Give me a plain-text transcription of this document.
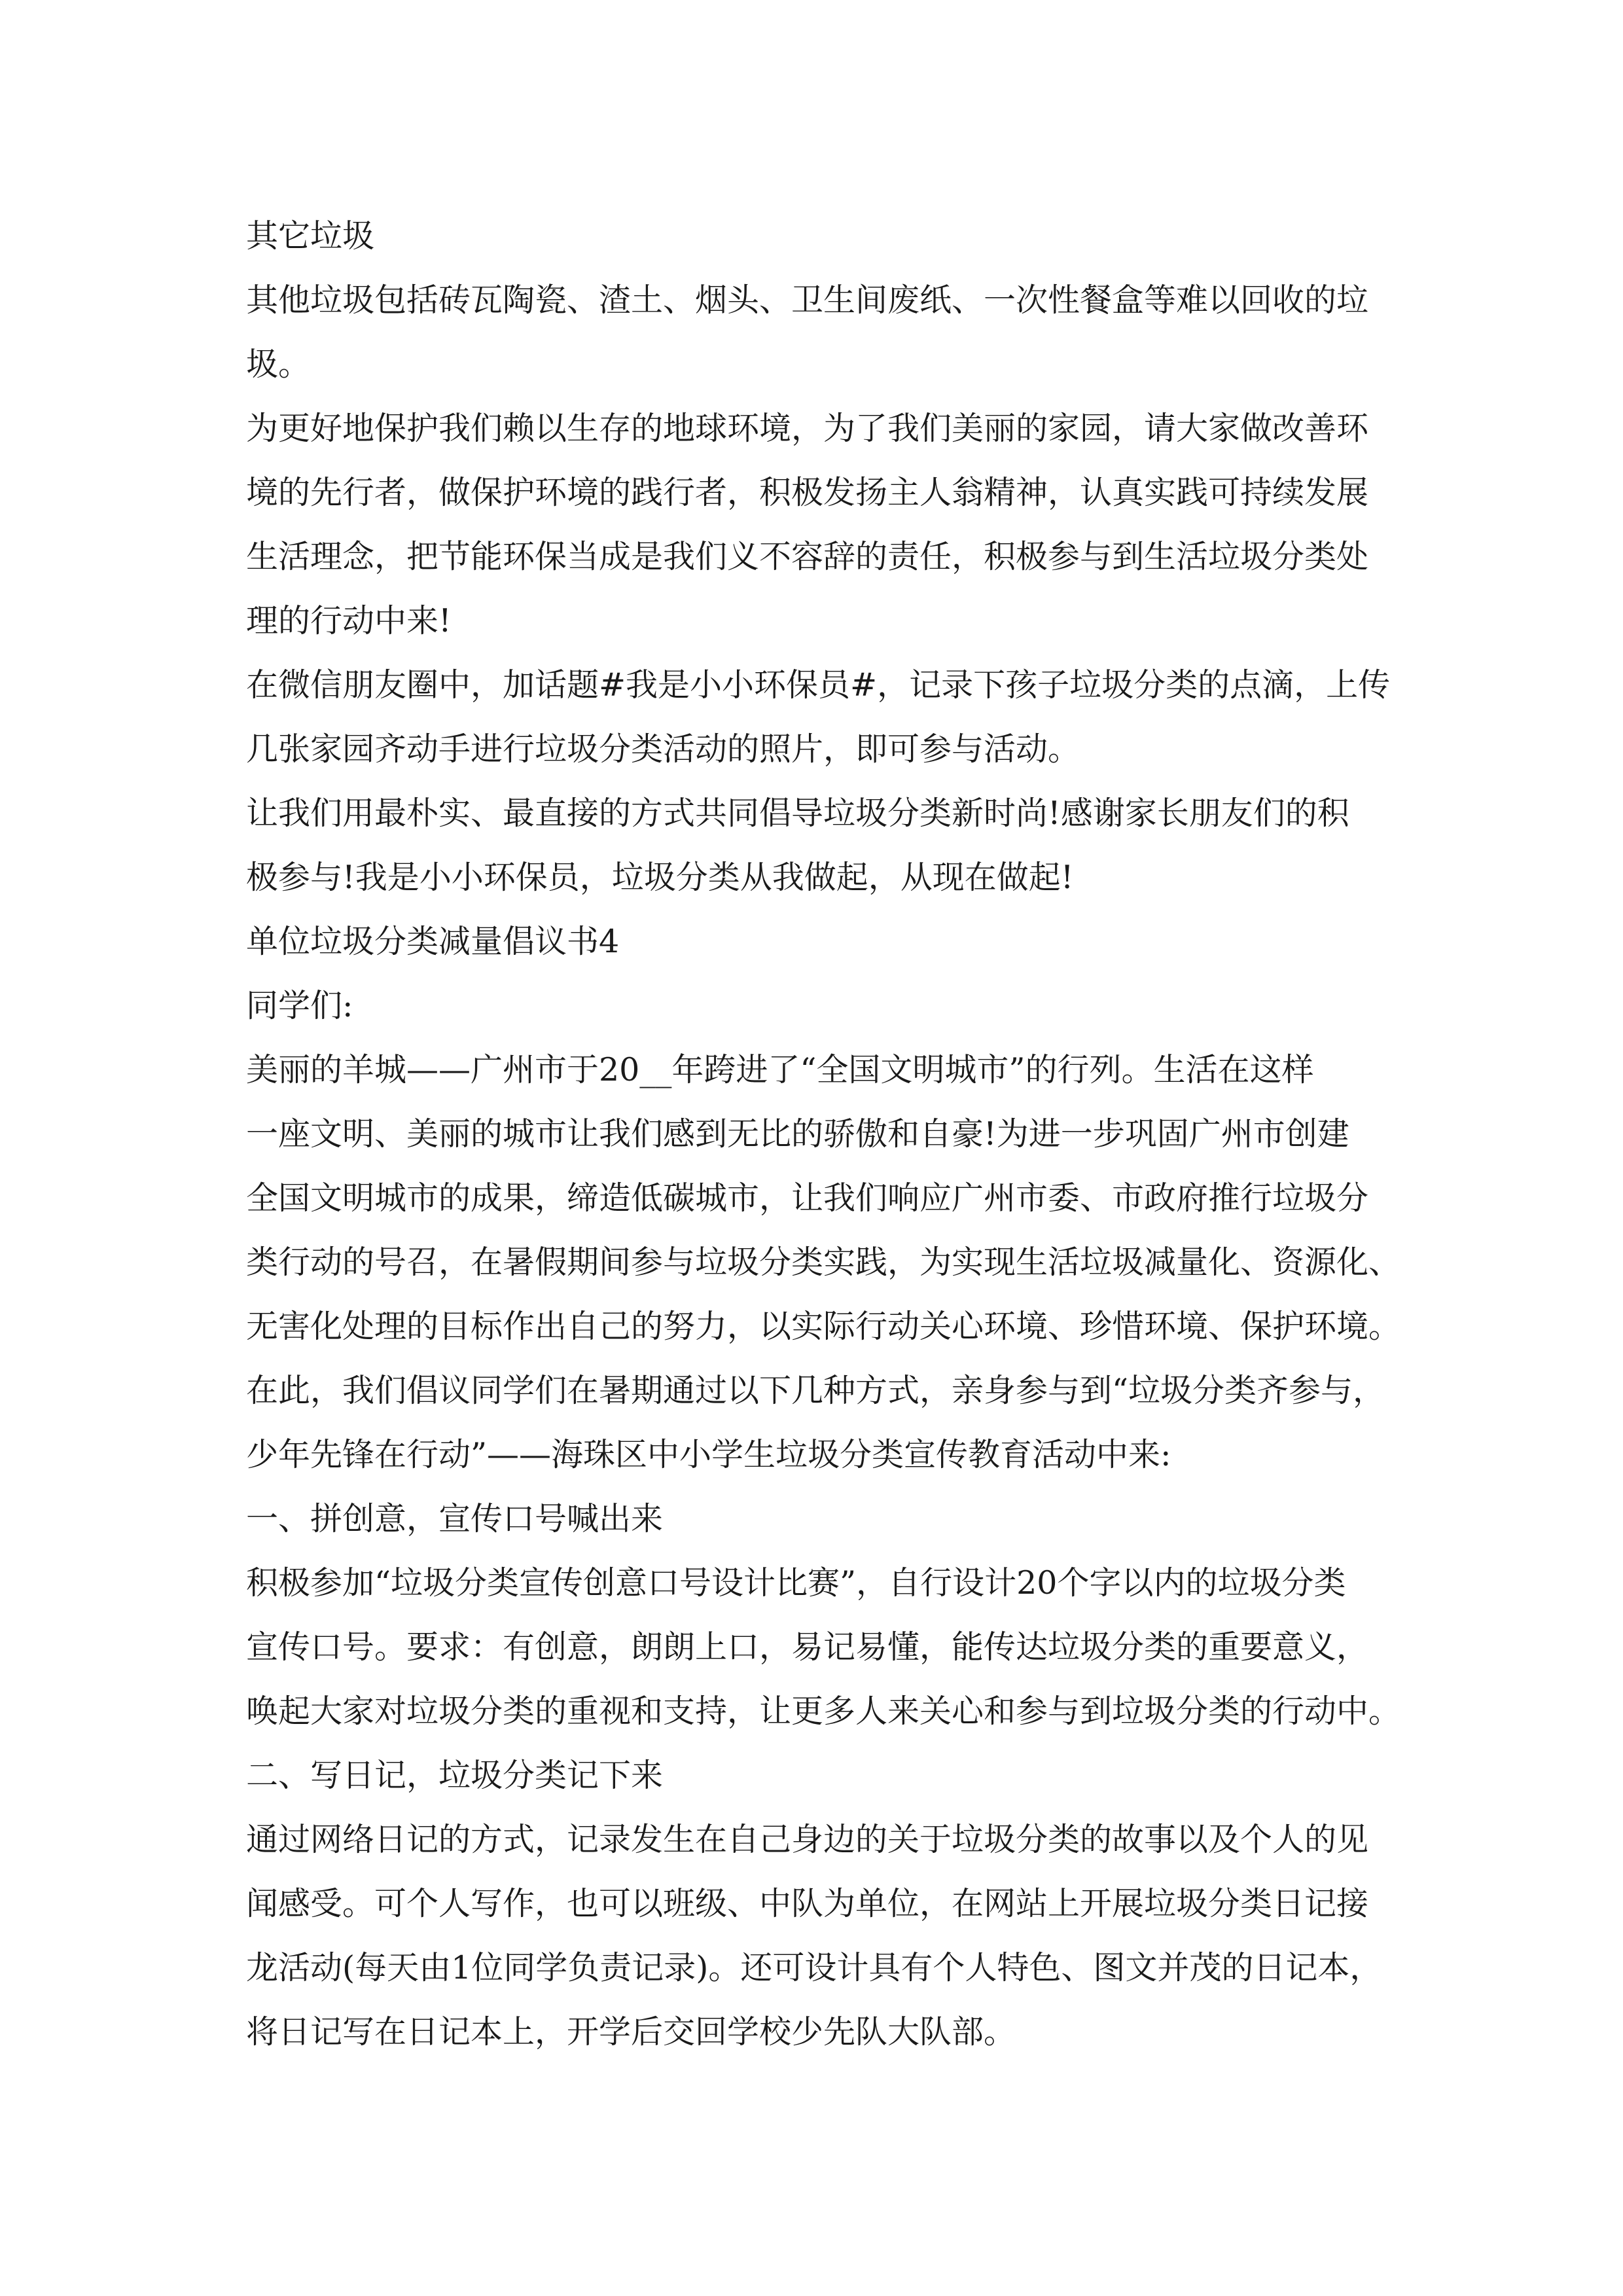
其它垃圾

其他垃圾包括砖瓦陶瓷、渣土、烟头、卫生间废纸、一次性餐盒等难以回收的垃

圾。

为更好地保护我们赖以生存的地球环境，为了我们美丽的家园，请大家做改善环

境的先行者，做保护环境的践行者，积极发扬主人翁精神，认真实践可持续发展

生活理念，把节能环保当成是我们义不容辞的责任，积极参与到生活垃圾分类处

理的行动中来!

在微信朋友圈中，加话题#我是小小环保员#，记录下孩子垃圾分类的点滴，上传

几张家园齐动手进行垃圾分类活动的照片，即可参与活动。

让我们用最朴实、最直接的方式共同倡导垃圾分类新时尚!感谢家长朋友们的积

极参与!我是小小环保员，垃圾分类从我做起，从现在做起!

单位垃圾分类减量倡议书4

同学们:

美丽的羊城——广州市于20__年跨进了“全国文明城市”的行列。生活在这样

一座文明、美丽的城市让我们感到无比的骄傲和自豪!为进一步巩固广州市创建

全国文明城市的成果，缔造低碳城市，让我们响应广州市委、市政府推行垃圾分

类行动的号召，在暑假期间参与垃圾分类实践，为实现生活垃圾减量化、资源化、

无害化处理的目标作出自己的努力，以实际行动关心环境、珍惜环境、保护环境。

在此，我们倡议同学们在暑期通过以下几种方式，亲身参与到“垃圾分类齐参与，

少年先锋在行动”——海珠区中小学生垃圾分类宣传教育活动中来:

一、拼创意，宣传口号喊出来

积极参加“垃圾分类宣传创意口号设计比赛”，自行设计20个字以内的垃圾分类

宣传口号。要求：有创意，朗朗上口，易记易懂，能传达垃圾分类的重要意义，

唤起大家对垃圾分类的重视和支持，让更多人来关心和参与到垃圾分类的行动中。

二、写日记，垃圾分类记下来

通过网络日记的方式，记录发生在自己身边的关于垃圾分类的故事以及个人的见

闻感受。可个人写作，也可以班级、中队为单位，在网站上开展垃圾分类日记接

龙活动(每天由1位同学负责记录)。还可设计具有个人特色、图文并茂的日记本，

将日记写在日记本上，开学后交回学校少先队大队部。
